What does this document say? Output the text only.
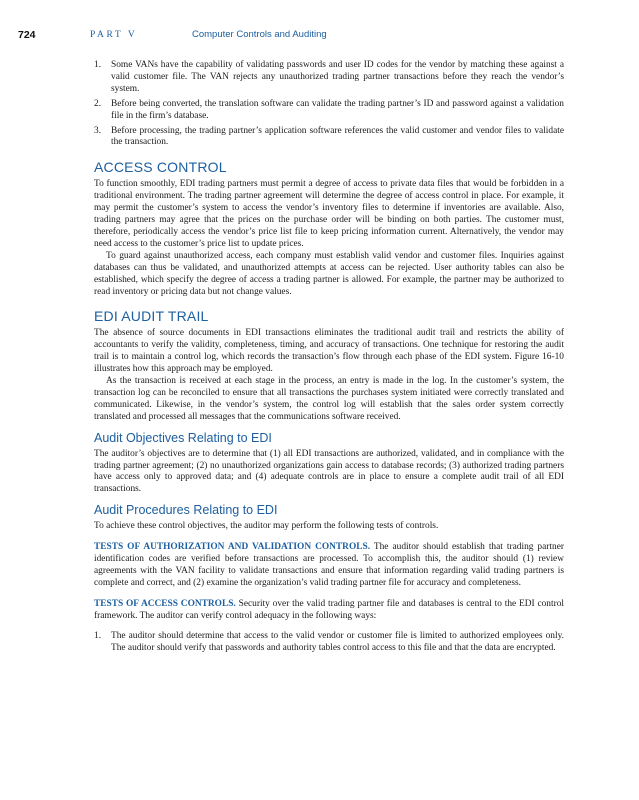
724	PART V	Computer Controls and Auditing
1. Some VANs have the capability of validating passwords and user ID codes for the vendor by matching these against a valid customer file. The VAN rejects any unauthorized trading partner transactions before they reach the vendor’s system.
2. Before being converted, the translation software can validate the trading partner’s ID and password against a validation file in the firm’s database.
3. Before processing, the trading partner’s application software references the valid customer and vendor files to validate the transaction.
ACCESS CONTROL

To function smoothly, EDI trading partners must permit a degree of access to private data files that would be forbidden in a traditional environment. The trading partner agreement will determine the degree of access control in place. For example, it may permit the customer’s system to access the vendor’s inventory files to determine if inventories are available. Also, trading partners may agree that the prices on the purchase order will be binding on both parties. The customer must, therefore, periodically access the vendor’s price list file to keep pricing information current. Alternatively, the vendor may need access to the customer’s price list to update prices.

To guard against unauthorized access, each company must establish valid vendor and customer files. Inquiries against databases can thus be validated, and unauthorized attempts at access can be rejected. User authority tables can also be established, which specify the degree of access a trading partner is allowed. For example, the partner may be authorized to read inventory or pricing data but not change values.

EDI AUDIT TRAIL

The absence of source documents in EDI transactions eliminates the traditional audit trail and restricts the ability of accountants to verify the validity, completeness, timing, and accuracy of transactions. One technique for restoring the audit trail is to maintain a control log, which records the transaction’s flow through each phase of the EDI system. Figure 16-10 illustrates how this approach may be employed.

As the transaction is received at each stage in the process, an entry is made in the log. In the customer’s system, the transaction log can be reconciled to ensure that all transactions the purchases system initiated were correctly translated and communicated. Likewise, in the vendor’s system, the control log will establish that the sales order system correctly translated and processed all messages that the communications software received.

Audit Objectives Relating to EDI

The auditor’s objectives are to determine that (1) all EDI transactions are authorized, validated, and in compliance with the trading partner agreement; (2) no unauthorized organizations gain access to database records; (3) authorized trading partners have access only to approved data; and (4) adequate controls are in place to ensure a complete audit trail of all EDI transactions.

Audit Procedures Relating to EDI

To achieve these control objectives, the auditor may perform the following tests of controls.

TESTS OF AUTHORIZATION AND VALIDATION CONTROLS. The auditor should establish that trading partner identification codes are verified before transactions are processed. To accomplish this, the auditor should (1) review agreements with the VAN facility to validate transactions and ensure that information regarding valid trading partners is complete and correct, and (2) examine the organization’s valid trading partner file for accuracy and completeness.

TESTS OF ACCESS CONTROLS. Security over the valid trading partner file and databases is central to the EDI control framework. The auditor can verify control adequacy in the following ways:

1. The auditor should determine that access to the valid vendor or customer file is limited to authorized employees only. The auditor should verify that passwords and authority tables control access to this file and that the data are encrypted.
